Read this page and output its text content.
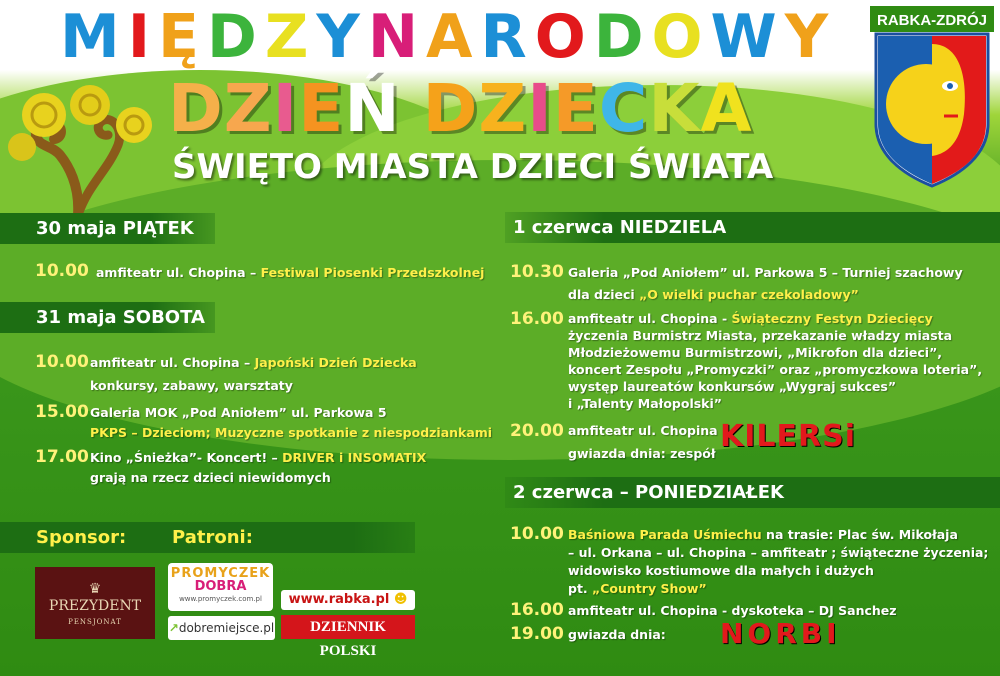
RABKA-ZDRÓJ
MIĘDZYNARODOWY
DZIEŃ DZIECKA
ŚWIĘTO MIASTA DZIECI ŚWIATA
30 maja PIĄTEK
31 maja SOBOTA
1 czerwca NIEDZIELA
2 czerwca – PONIEDZIAŁEK
10.00 amfiteatr ul. Chopina – Festiwal Piosenki Przedszkolnej
10.00 amfiteatr ul. Chopina – Japoński Dzień Dziecka
konkursy, zabawy, warsztaty
15.00 Galeria MOK „Pod Aniołem” ul. Parkowa 5
PKPS – Dzieciom; Muzyczne spotkanie z niespodziankami
17.00 Kino „Śnieżka”- Koncert! – DRIVER i INSOMATIX
grają na rzecz dzieci niewidomych
10.30 Galeria „Pod Aniołem” ul. Parkowa 5 – Turniej szachowy
dla dzieci „O wielki puchar czekoladowy”
16.00 amfiteatr ul. Chopina - Świąteczny Festyn Dziecięcy
życzenia Burmistrz Miasta, przekazanie władzy miasta
Młodzieżowemu Burmistrzowi, „Mikrofon dla dzieci”,
koncert Zespołu „Promyczki” oraz „promyczkowa loteria”,
występ laureatów konkursów „Wygraj sukces”
i „Talenty Małopolski”
20.00 amfiteatr ul. Chopina
gwiazda dnia: zespół KILERSi
10.00 Baśniowa Parada Uśmiechu na trasie: Plac św. Mikołaja
– ul. Orkana – ul. Chopina – amfiteatr ; świąteczne życzenia;
widowisko kostiumowe dla małych i dużych
pt. „Country Show”
16.00 amfiteatr ul. Chopina - dyskoteka – DJ Sanchez
19.00 gwiazda dnia: NORBI
Sponsor:	Patroni:
♛
PREZYDENT
PENSJONAT
PROMYCZEK
DOBRA
www.promyczek.com.pl
↗dobremiejsce.pl
www.rabka.pl ☻
DZIENNIK POLSKI
